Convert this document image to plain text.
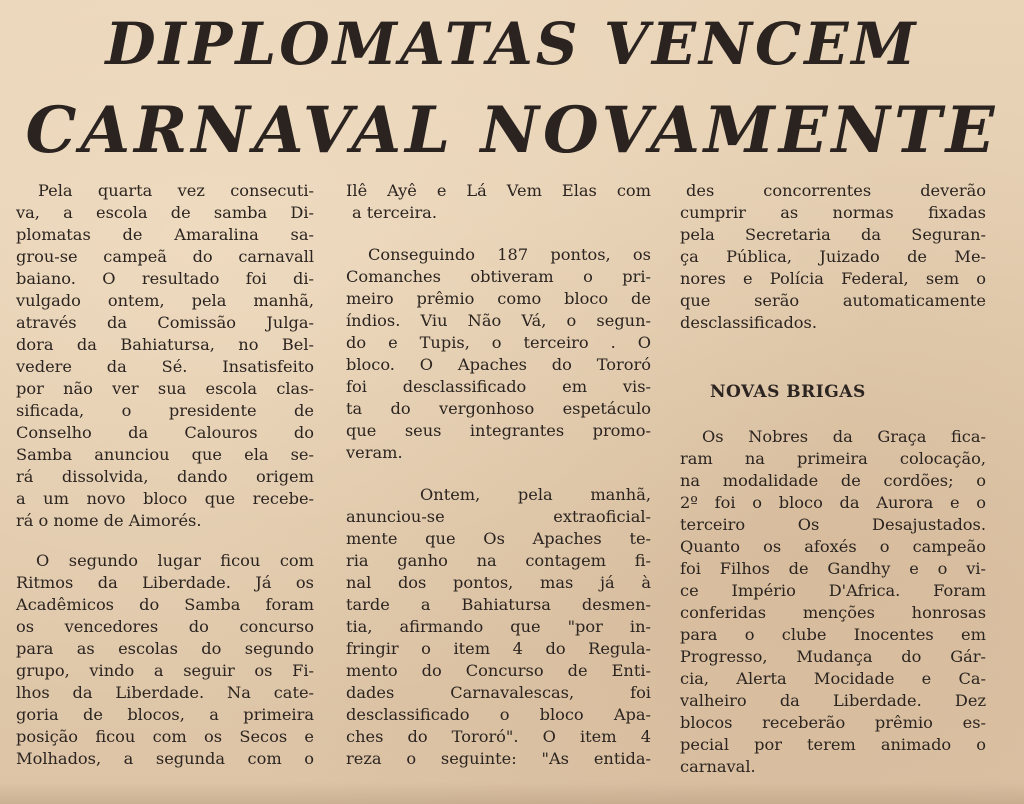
DIPLOMATAS VENCEM
CARNAVAL NOVAMENTE
Pela quarta vez consecuti-
va, a escola de samba Di-
plomatas de Amaralina sa-
grou-se campeã do carnavall
baiano. O resultado foi di-
vulgado ontem, pela manhã,
através da Comissão Julga-
dora da Bahiatursa, no Bel-
vedere da Sé. Insatisfeito
por não ver sua escola clas-
sificada, o presidente de
Conselho da Calouros do
Samba anunciou que ela se-
rá dissolvida, dando origem
a um novo bloco que recebe-
rá o nome de Aimorés.
O segundo lugar ficou com
Ritmos da Liberdade. Já os
Acadêmicos do Samba foram
os vencedores do concurso
para as escolas do segundo
grupo, vindo a seguir os Fi-
lhos da Liberdade. Na cate-
goria de blocos, a primeira
posição ficou com os Secos e
Molhados, a segunda com o
Ilê Ayê e Lá Vem Elas com
a terceira.
Conseguindo 187 pontos, os
Comanches obtiveram o pri-
meiro prêmio como bloco de
índios. Viu Não Vá, o segun-
do e Tupis, o terceiro . O
bloco. O Apaches do Tororó
foi desclassificado em vis-
ta do vergonhoso espetáculo
que seus integrantes promo-
veram.
Ontem, pela manhã,
anunciou-se extraoficial-
mente que Os Apaches te-
ria ganho na contagem fi-
nal dos pontos, mas já à
tarde a Bahiatursa desmen-
tia, afirmando que "por in-
fringir o item 4 do Regula-
mento do Concurso de Enti-
dades Carnavalescas, foi
desclassificado o bloco Apa-
ches do Tororó". O item 4
reza o seguinte: "As entida-
des concorrentes deverão
cumprir as normas fixadas
pela Secretaria da Seguran-
ça Pública, Juizado de Me-
nores e Polícia Federal, sem o
que serão automaticamente
desclassificados.
NOVAS BRIGAS
Os Nobres da Graça fica-
ram na primeira colocação,
na modalidade de cordões; o
2º foi o bloco da Aurora e o
terceiro Os Desajustados.
Quanto os afoxés o campeão
foi Filhos de Gandhy e o vi-
ce Império D'Africa. Foram
conferidas menções honrosas
para o clube Inocentes em
Progresso, Mudança do Gár-
cia, Alerta Mocidade e Ca-
valheiro da Liberdade. Dez
blocos receberão prêmio es-
pecial por terem animado o
carnaval.
